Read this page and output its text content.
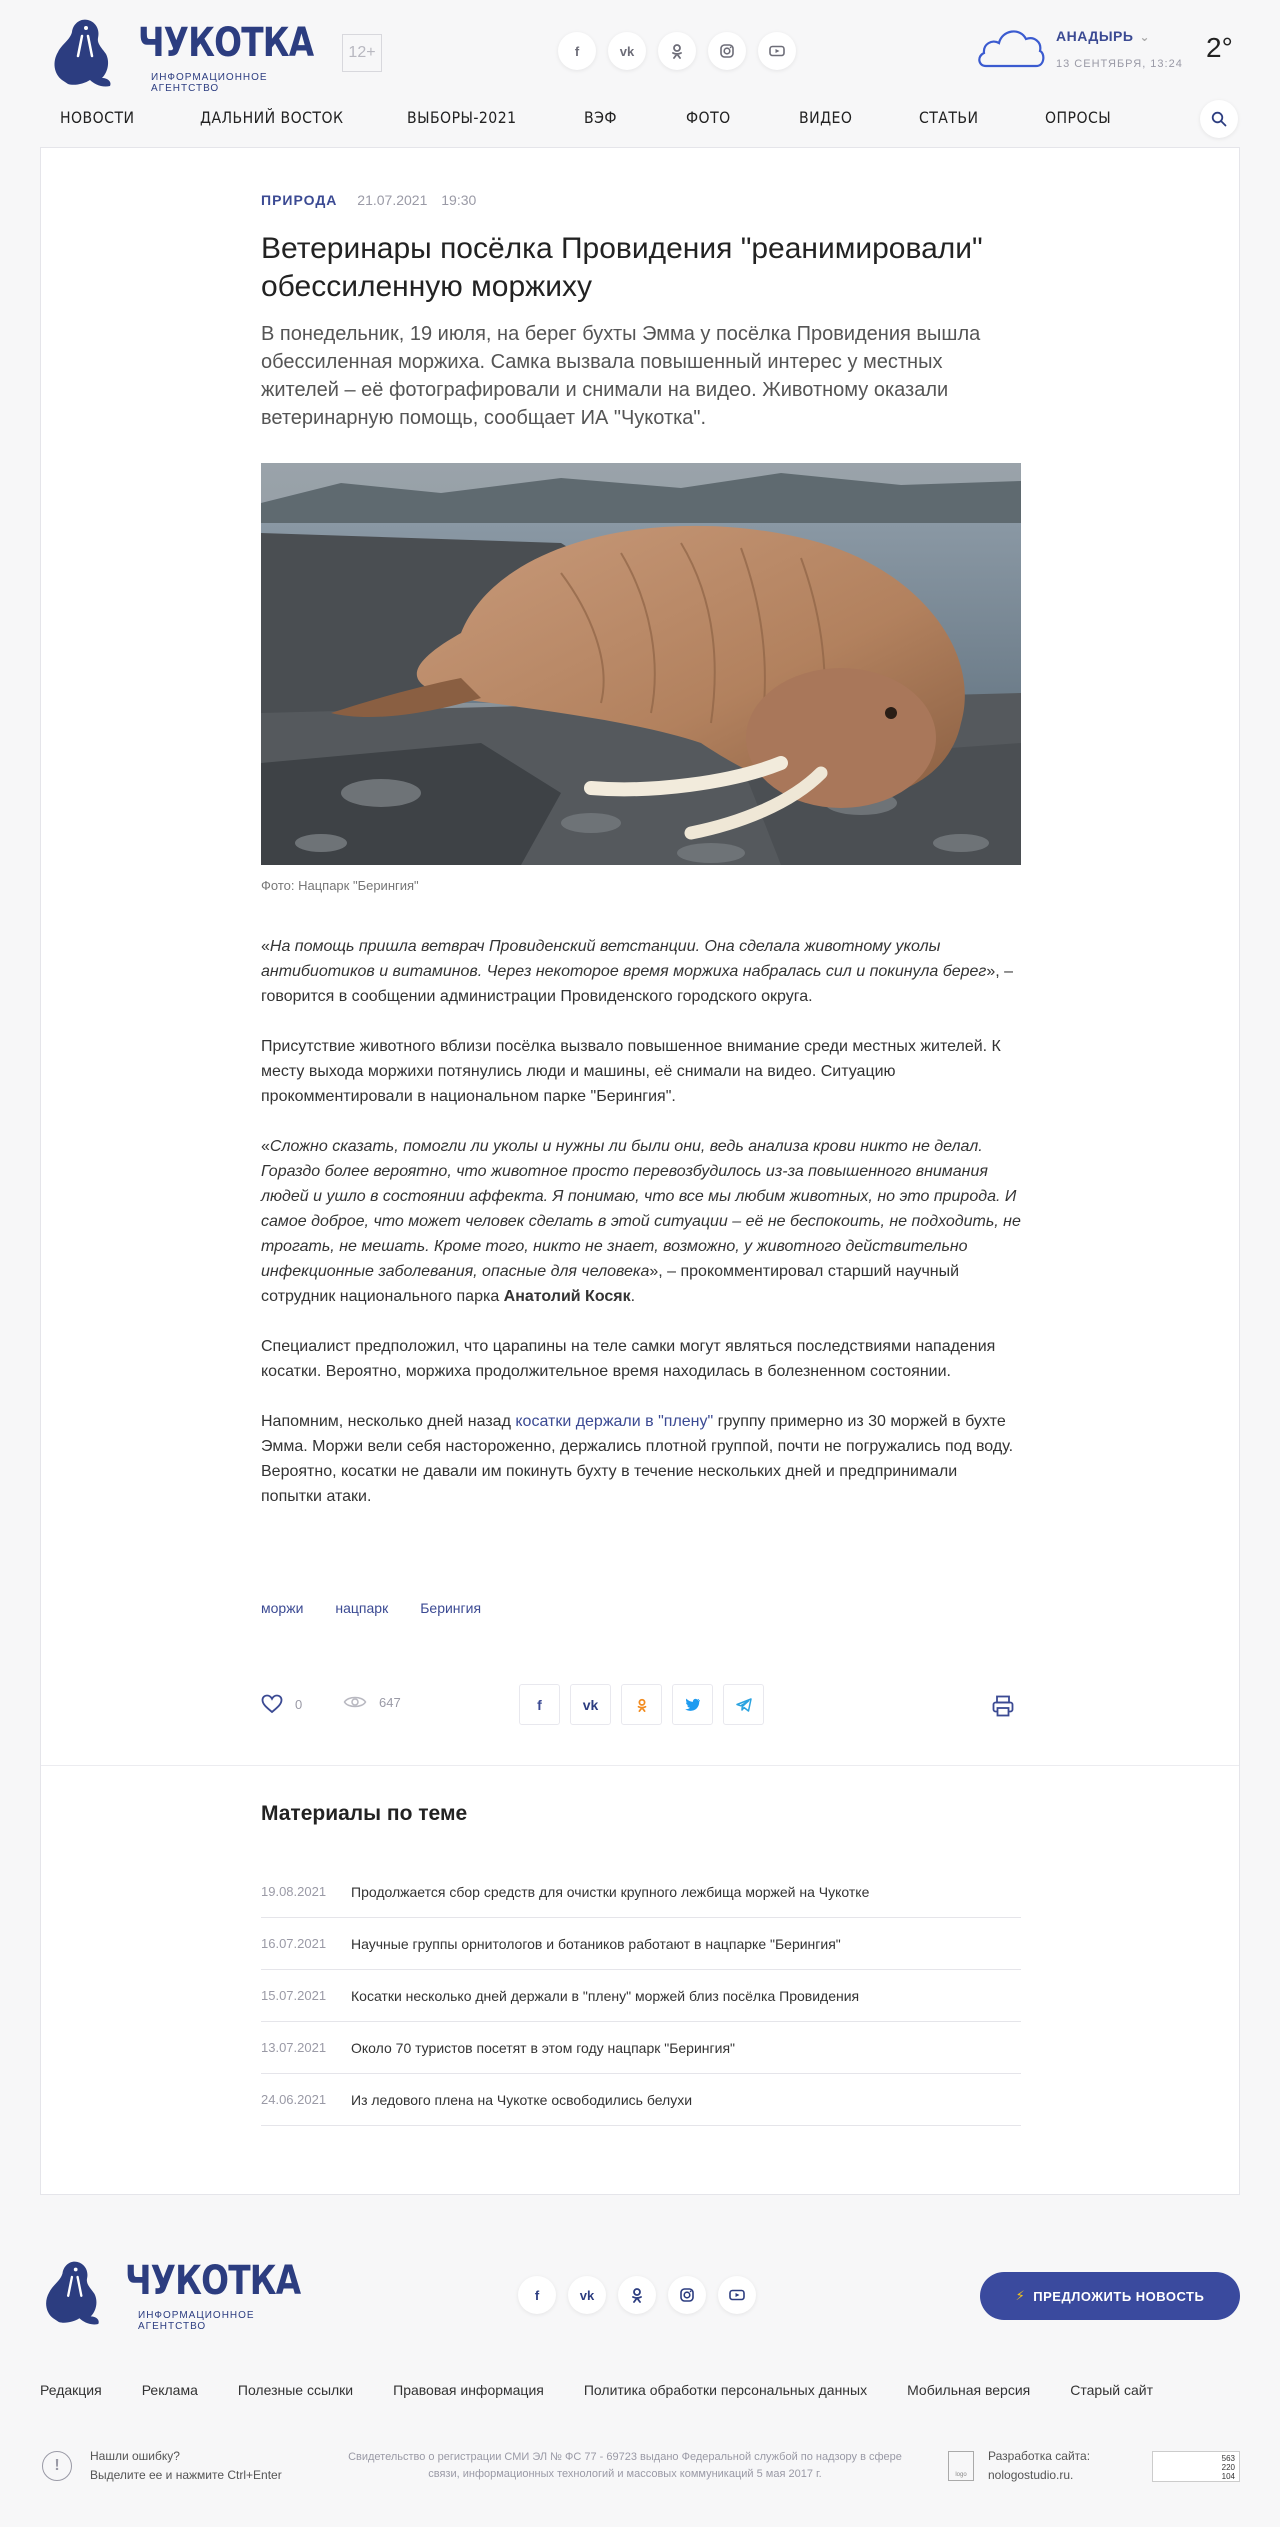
ЧУКОТКА
ИНФОРМАЦИОННОЕ АГЕНТСТВО
12+	f	vk
АНАДЫРЬ ⌄
13 СЕНТЯБРЯ, 13:24
2°
НОВОСТИ	ДАЛЬНИЙ ВОСТОК	ВЫБОРЫ-2021	ВЭФ	ФОТО	ВИДЕО	СТАТЬИ	ОПРОСЫ
ПРИРОДА 21.07.2021 19:30
Ветеринары посёлка Провидения "реанимировали" обессиленную моржиху

В понедельник, 19 июля, на берег бухты Эмма у посёлка Провидения вышла обессиленная моржиха. Самка вызвала повышенный интерес у местных жителей – её фотографировали и снимали на видео. Животному оказали ветеринарную помощь, сообщает ИА "Чукотка".

Фото: Нацпарк "Берингия"

«На помощь пришла ветврач Провиденский ветстанции. Она сделала животному уколы антибиотиков и витаминов. Через некоторое время моржиха набралась сил и покинула берег», – говорится в сообщении администрации Провиденского городского округа.

Присутствие животного вблизи посёлка вызвало повышенное внимание среди местных жителей. К месту выхода моржихи потянулись люди и машины, её снимали на видео. Ситуацию прокомментировали в национальном парке "Берингия".

«Сложно сказать, помогли ли уколы и нужны ли были они, ведь анализа крови никто не делал. Гораздо более вероятно, что животное просто перевозбудилось из-за повышенного внимания людей и ушло в состоянии аффекта. Я понимаю, что все мы любим животных, но это природа. И самое доброе, что может человек сделать в этой ситуации – её не беспокоить, не подходить, не трогать, не мешать. Кроме того, никто не знает, возможно, у животного действительно инфекционные заболевания, опасные для человека», – прокомментировал старший научный сотрудник национального парка Анатолий Косяк.

Специалист предположил, что царапины на теле самки могут являться последствиями нападения косатки. Вероятно, моржиха продолжительное время находилась в болезненном состоянии.

Напомним, несколько дней назад косатки держали в "плену" группу примерно из 30 моржей в бухте Эмма. Моржи вели себя настороженно, держались плотной группой, почти не погружались под воду. Вероятно, косатки не давали им покинуть бухту в течение нескольких дней и предпринимали попытки атаки.

моржи нацпарк Берингия
0	647	f	vk
Материалы по теме
19.08.2021	Продолжается сбор средств для очистки крупного лежбища моржей на Чукотке
16.07.2021	Научные группы орнитологов и ботаников работают в нацпарке "Берингия"
15.07.2021	Косатки несколько дней держали в "плену" моржей близ посёлка Провидения
13.07.2021	Около 70 туристов посетят в этом году нацпарк "Берингия"
24.06.2021	Из ледового плена на Чукотке освободились белухи
ЧУКОТКА
ИНФОРМАЦИОННОЕ АГЕНТСТВО
f	vk	⚡ ПРЕДЛОЖИТЬ НОВОСТЬ
Редакция	Реклама	Полезные ссылки	Правовая информация	Политика обработки персональных данных	Мобильная версия	Старый сайт
!
Нашли ошибку?
Выделите ее и нажмите Ctrl+Enter
Свидетельство о регистрации СМИ ЭЛ № ФС 77 - 69723 выдано Федеральной службой по надзору в сфере связи, информационных технологий и массовых коммуникаций 5 мая 2017 г.	logo
Разработка сайта:
nologostudio.ru.
563
220
104
